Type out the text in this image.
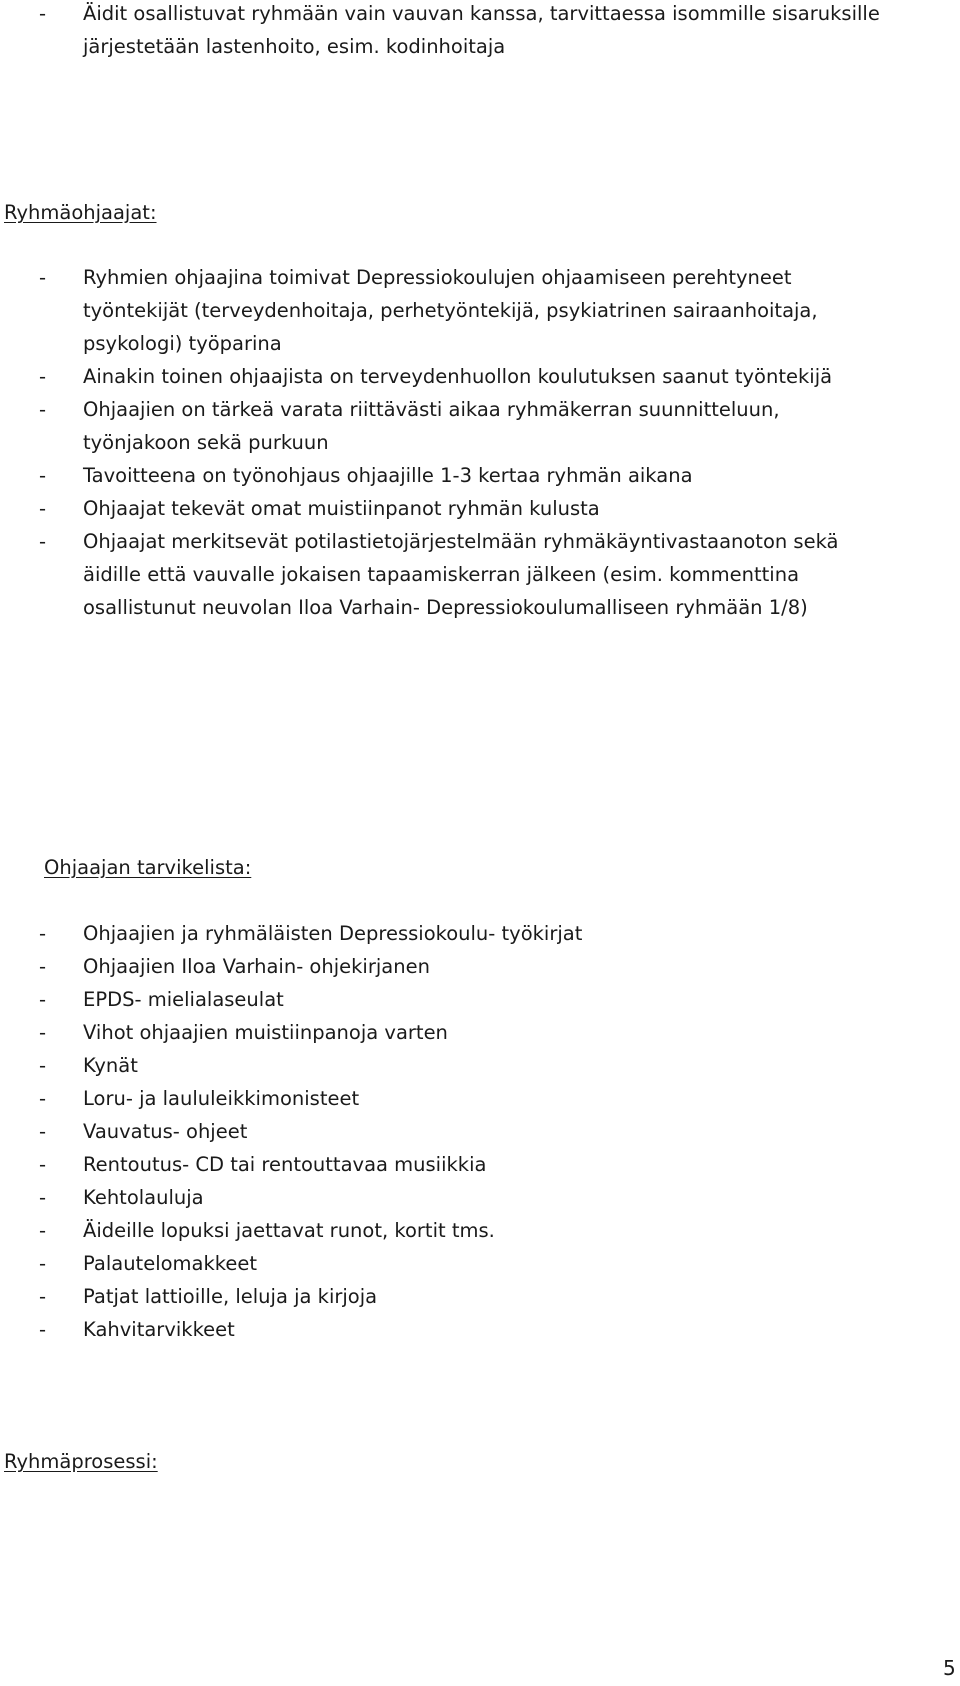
- Äidit osallistuvat ryhmään vain vauvan kanssa, tarvittaessa isommille sisaruksille
järjestetään lastenhoito, esim. kodinhoitaja
Ryhmäohjaajat:
- Ryhmien ohjaajina toimivat Depressiokoulujen ohjaamiseen perehtyneet
työntekijät (terveydenhoitaja, perhetyöntekijä, psykiatrinen sairaanhoitaja,
psykologi) työparina
- Ainakin toinen ohjaajista on terveydenhuollon koulutuksen saanut työntekijä
- Ohjaajien on tärkeä varata riittävästi aikaa ryhmäkerran suunnitteluun,
työnjakoon sekä purkuun
- Tavoitteena on työnohjaus ohjaajille 1-3 kertaa ryhmän aikana
- Ohjaajat tekevät omat muistiinpanot ryhmän kulusta
- Ohjaajat merkitsevät potilastietojärjestelmään ryhmäkäyntivastaanoton sekä
äidille että vauvalle jokaisen tapaamiskerran jälkeen (esim. kommenttina
osallistunut neuvolan Iloa Varhain- Depressiokoulumalliseen ryhmään 1/8)
Ohjaajan tarvikelista:
- Ohjaajien ja ryhmäläisten Depressiokoulu- työkirjat
- Ohjaajien Iloa Varhain- ohjekirjanen
- EPDS- mielialaseulat
- Vihot ohjaajien muistiinpanoja varten
- Kynät
- Loru- ja laululeikkimonisteet
- Vauvatus- ohjeet
- Rentoutus- CD tai rentouttavaa musiikkia
- Kehtolauluja
- Äideille lopuksi jaettavat runot, kortit tms.
- Palautelomakkeet
- Patjat lattioille, leluja ja kirjoja
- Kahvitarvikkeet
Ryhmäprosessi:
5
